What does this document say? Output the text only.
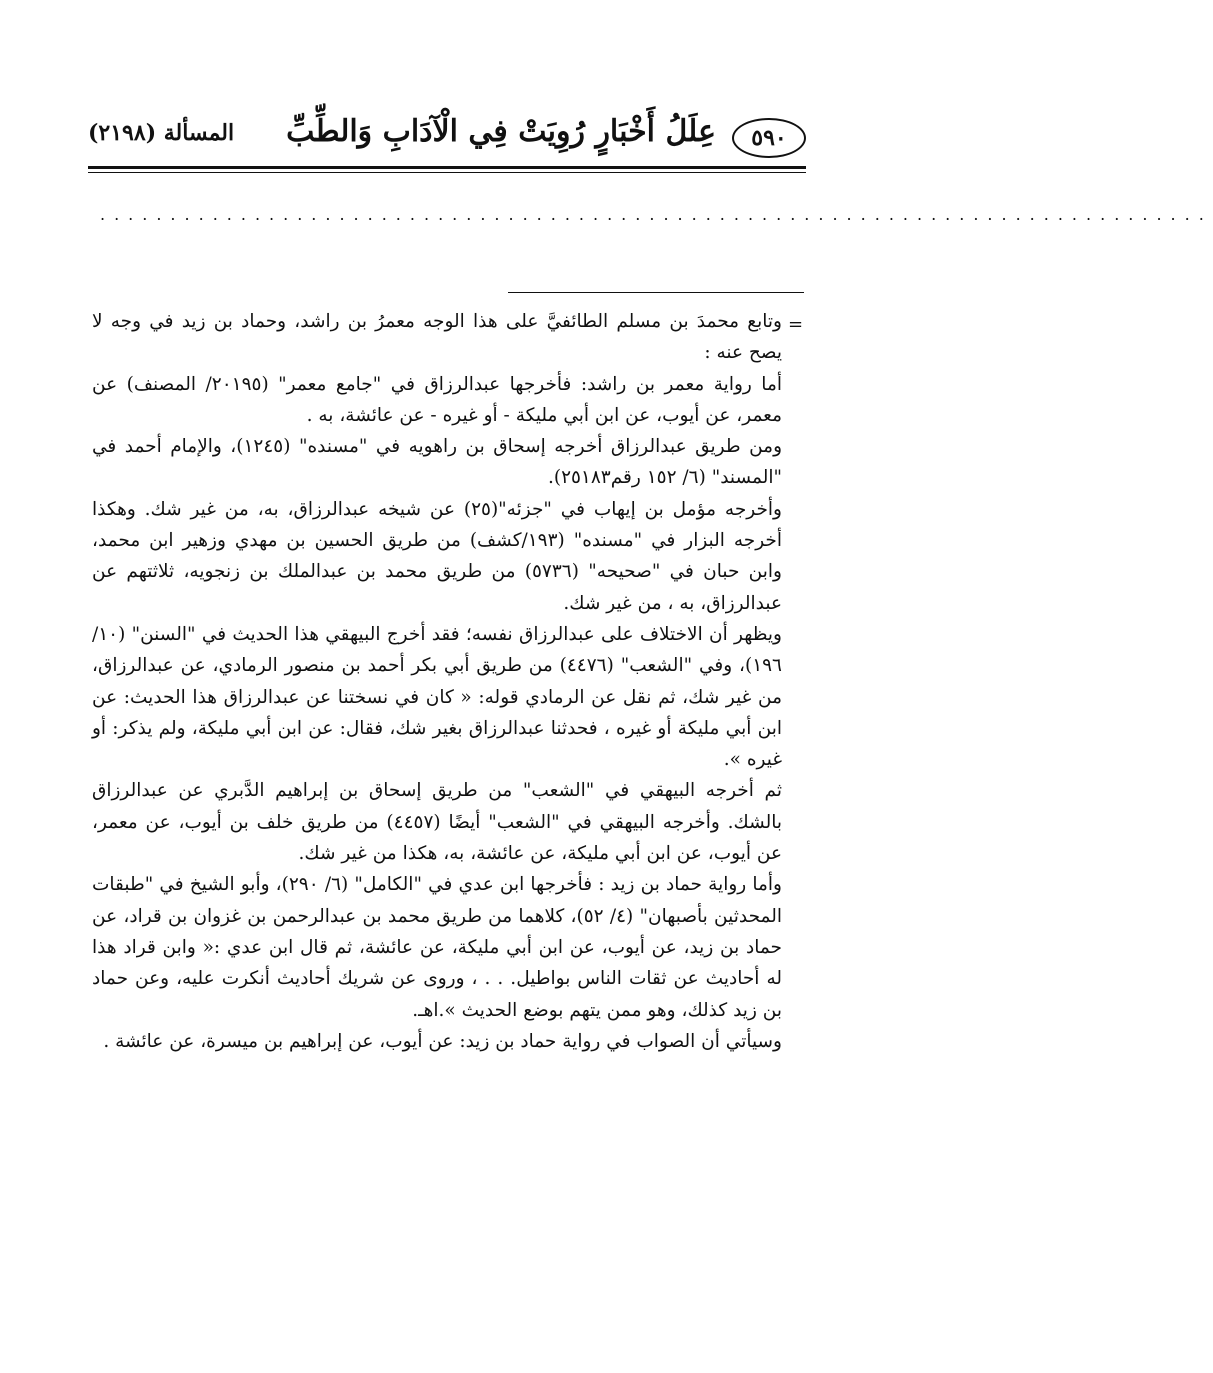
٥٩٠
عِلَلُ أَخْبَارٍ رُوِيَتْ فِي الْآدَابِ وَالطِّبِّ
المسألة (٢١٩٨)
...............................................................................
=

وتابع محمدَ بن مسلم الطائفيَّ على هذا الوجه معمرُ بن راشد، وحماد بن زيد في وجه لا يصح عنه :

أما رواية معمر بن راشد: فأخرجها عبدالرزاق في "جامع معمر" (٢٠١٩٥/ المصنف) عن معمر، عن أيوب، عن ابن أبي مليكة - أو غيره - عن عائشة، به .

ومن طريق عبدالرزاق أخرجه إسحاق بن راهويه في "مسنده" (١٢٤٥)، والإمام أحمد في "المسند" (٦/ ١٥٢ رقم٢٥١٨٣).

وأخرجه مؤمل بن إيهاب في "جزئه"(٢٥) عن شيخه عبدالرزاق، به، من غير شك. وهكذا أخرجه البزار في "مسنده" (١٩٣/كشف) من طريق الحسين بن مهدي وزهير ابن محمد، وابن حبان في "صحيحه" (٥٧٣٦) من طريق محمد بن عبدالملك بن زنجويه، ثلاثتهم عن عبدالرزاق، به ، من غير شك.

ويظهر أن الاختلاف على عبدالرزاق نفسه؛ فقد أخرج البيهقي هذا الحديث في "السنن" (١٠/ ١٩٦)، وفي "الشعب" (٤٤٧٦) من طريق أبي بكر أحمد بن منصور الرمادي، عن عبدالرزاق، من غير شك، ثم نقل عن الرمادي قوله: « كان في نسختنا عن عبدالرزاق هذا الحديث: عن ابن أبي مليكة أو غيره ، فحدثنا عبدالرزاق بغير شك، فقال: عن ابن أبي مليكة، ولم يذكر: أو غيره ».

ثم أخرجه البيهقي في "الشعب" من طريق إسحاق بن إبراهيم الدَّبري عن عبدالرزاق بالشك. وأخرجه البيهقي في "الشعب" أيضًا (٤٤٥٧) من طريق خلف بن أيوب، عن معمر، عن أيوب، عن ابن أبي مليكة، عن عائشة، به، هكذا من غير شك.

وأما رواية حماد بن زيد : فأخرجها ابن عدي في "الكامل" (٦/ ٢٩٠)، وأبو الشيخ في "طبقات المحدثين بأصبهان" (٤/ ٥٢)، كلاهما من طريق محمد بن عبدالرحمن بن غزوان بن قراد، عن حماد بن زيد، عن أيوب، عن ابن أبي مليكة، عن عائشة، ثم قال ابن عدي :« وابن قراد هذا له أحاديث عن ثقات الناس بواطيل. . . ، وروى عن شريك أحاديث أنكرت عليه، وعن حماد بن زيد كذلك، وهو ممن يتهم بوضع الحديث ».اهـ.

وسيأتي أن الصواب في رواية حماد بن زيد: عن أيوب، عن إبراهيم بن ميسرة، عن عائشة .
